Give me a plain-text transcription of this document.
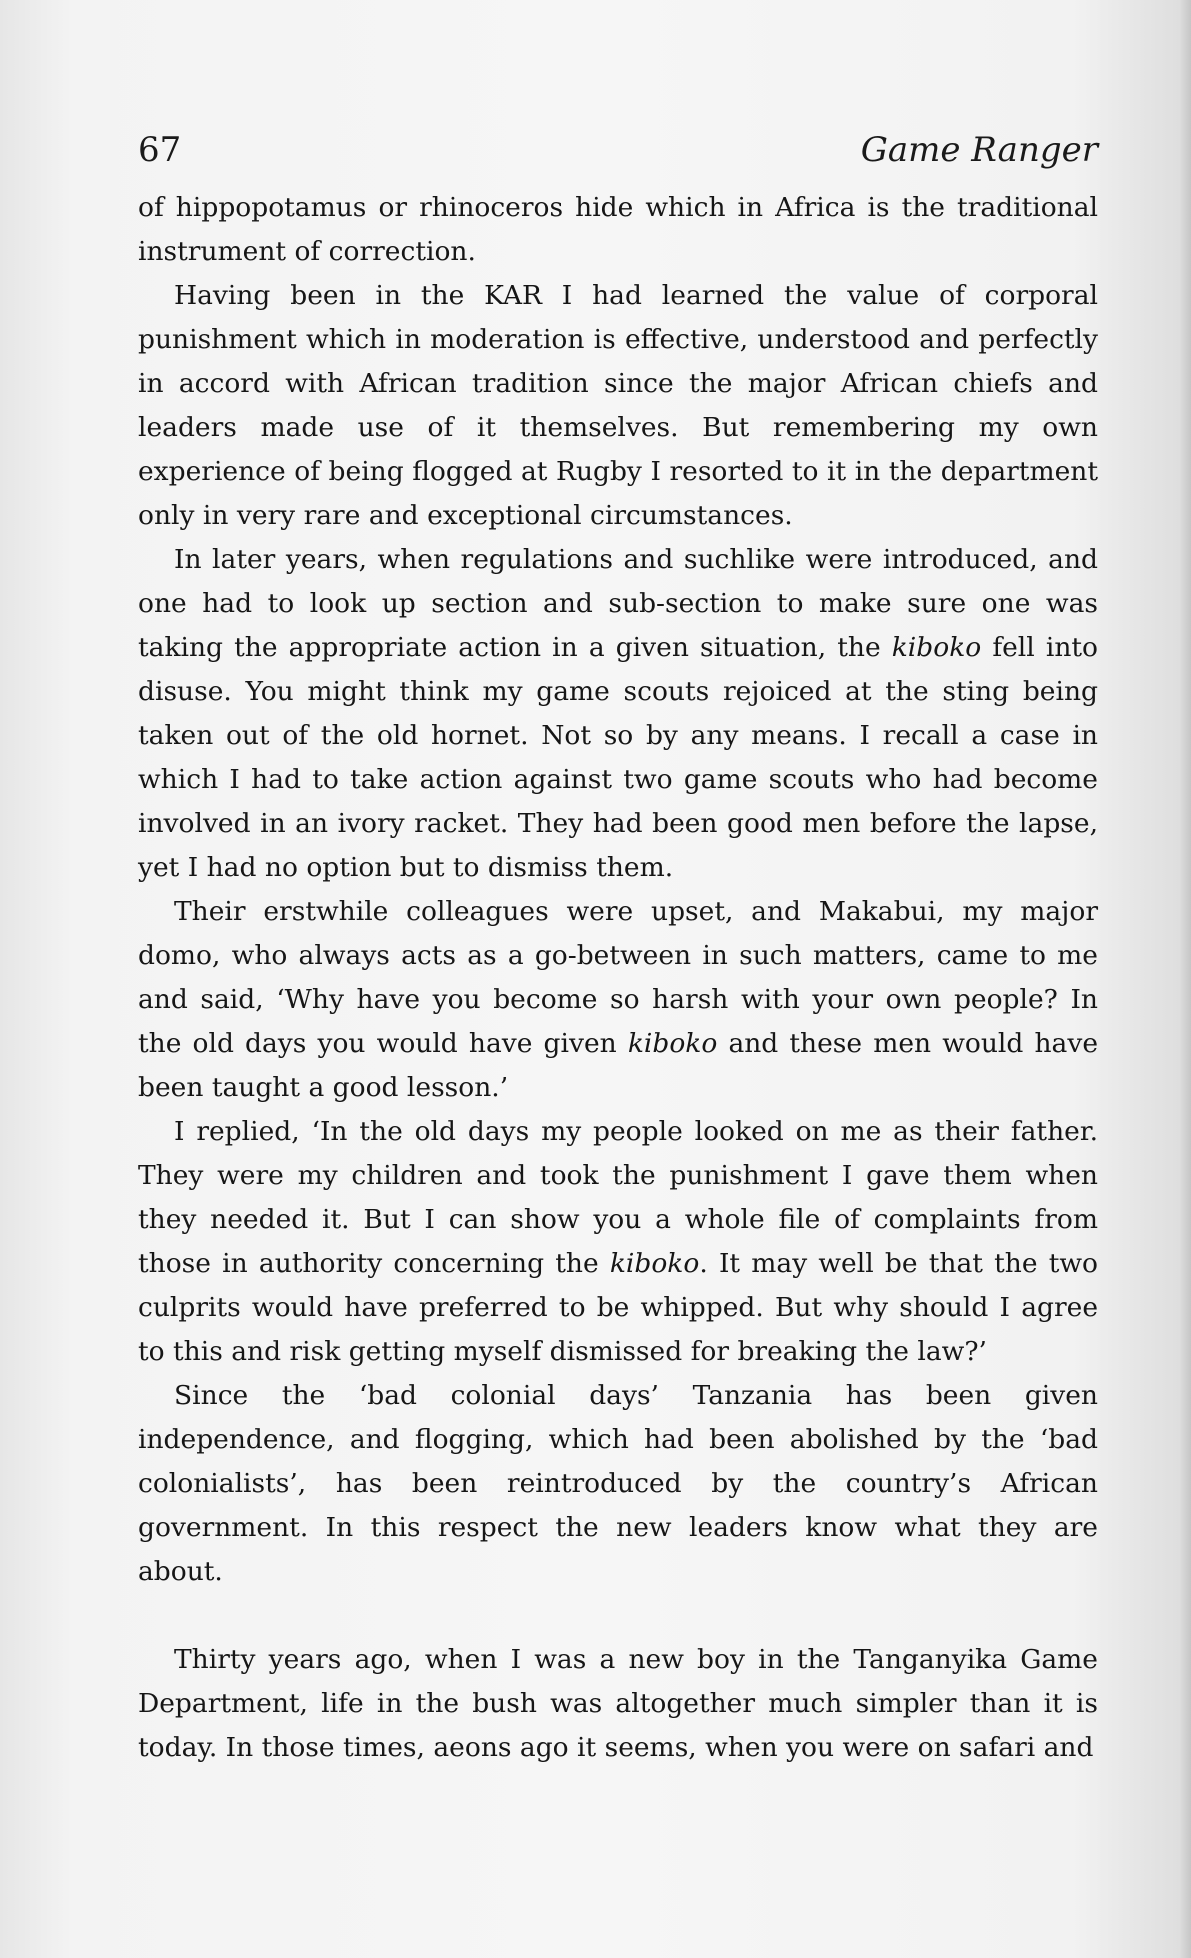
67	Game Ranger

of hippopotamus or rhinoceros hide which in Africa is the traditional instrument of correction.

Having been in the KAR I had learned the value of corporal punishment which in moderation is effective, understood and perfectly in accord with African tradition since the major African chiefs and leaders made use of it themselves. But remembering my own experience of being flogged at Rugby I resorted to it in the department only in very rare and exceptional circumstances.

In later years, when regulations and suchlike were introduced, and one had to look up section and sub-section to make sure one was taking the appropriate action in a given situation, the kiboko fell into disuse. You might think my game scouts rejoiced at the sting being taken out of the old hornet. Not so by any means. I recall a case in which I had to take action against two game scouts who had become involved in an ivory racket. They had been good men before the lapse, yet I had no option but to dismiss them.

Their erstwhile colleagues were upset, and Makabui, my major domo, who always acts as a go-between in such matters, came to me and said, ‘Why have you become so harsh with your own people? In the old days you would have given kiboko and these men would have been taught a good lesson.’

I replied, ‘In the old days my people looked on me as their father. They were my children and took the punishment I gave them when they needed it. But I can show you a whole file of complaints from those in authority concerning the kiboko. It may well be that the two culprits would have preferred to be whipped. But why should I agree to this and risk getting myself dismissed for breaking the law?’

Since the ‘bad colonial days’ Tanzania has been given independence, and flogging, which had been abolished by the ‘bad colonialists’, has been reintroduced by the country’s African government. In this respect the new leaders know what they are about.

Thirty years ago, when I was a new boy in the Tanganyika Game Department, life in the bush was altogether much simpler than it is today. In those times, aeons ago it seems, when you were on safari and
